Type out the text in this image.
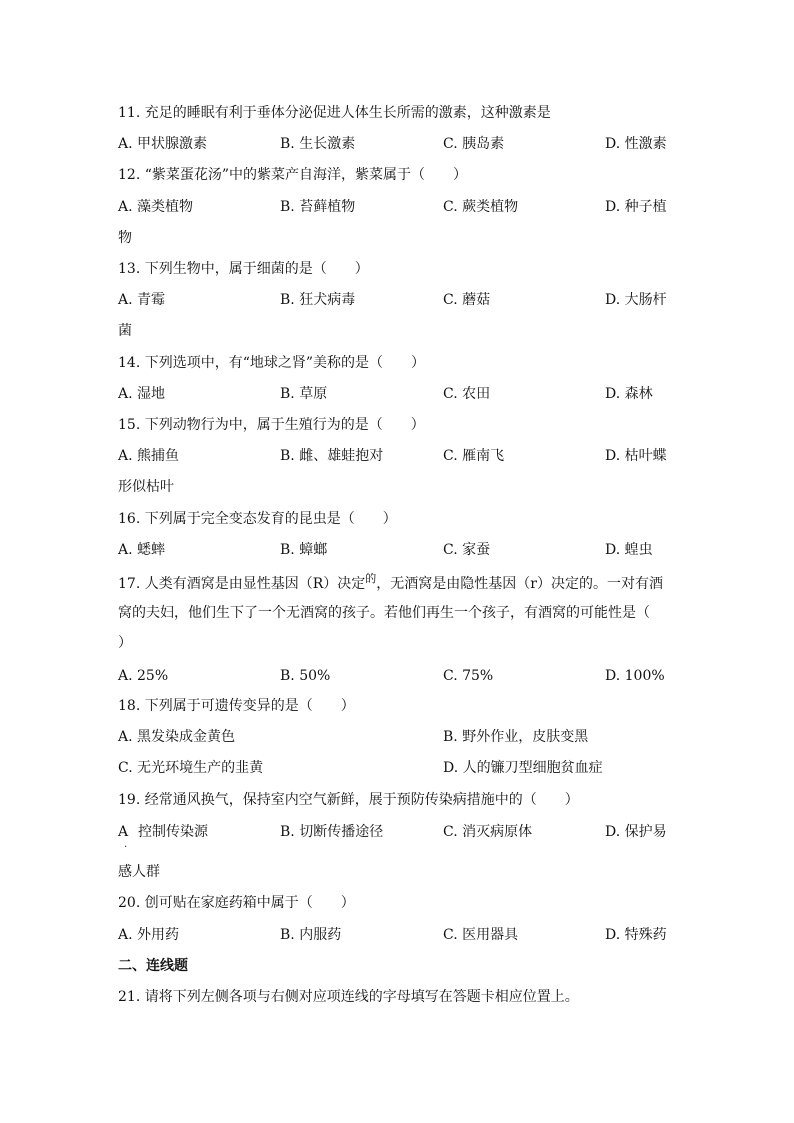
11. 充足的睡眠有利于垂体分泌促进人体生长所需的激素，这种激素是
A. 甲状腺激素	B. 生长激素	C. 胰岛素	D. 性激素
12. “紫菜蛋花汤”中的紫菜产自海洋，紫菜属于（　　）
A. 藻类植物	B. 苔藓植物	C. 蕨类植物	D. 种子植
物
13. 下列生物中，属于细菌的是（　　）
A. 青霉	B. 狂犬病毒	C. 蘑菇	D. 大肠杆
菌
14. 下列选项中，有“地球之肾”美称的是（　　）
A. 湿地	B. 草原	C. 农田	D. 森林
15. 下列动物行为中，属于生殖行为的是（　　）
A. 熊捕鱼	B. 雌、雄蛙抱对	C. 雁南飞	D. 枯叶蝶
形似枯叶
16. 下列属于完全变态发育的昆虫是（　　）
A. 蟋蟀	B. 蟑螂	C. 家蚕	D. 蝗虫
17. 人类有酒窝是由显性基因（R）决定$^的$，无酒窝是由隐性基因（r）决定的。一对有酒
窝的夫妇，他们生下了一个无酒窝的孩子。若他们再生一个孩子，有酒窝的可能性是（
）
A. 25%	B. 50%	C. 75%	D. 100%
18. 下列属于可遗传变异的是（　　）
A. 黑发染成金黄色	B. 野外作业，皮肤变黑
C. 无光环境生产的韭黄	D. 人的镰刀型细胞贫血症
19. 经常通风换气，保持室内空气新鲜，展于预防传染病措施中的（　　）
A
.
控制传染源	B. 切断传播途径	C. 消灭病原体	D. 保护易
感人群
20. 创可贴在家庭药箱中属于（　　）
A. 外用药	B. 内服药	C. 医用器具	D. 特殊药
二、连线题
21. 请将下列左侧各项与右侧对应项连线的字母填写在答题卡相应位置上。
